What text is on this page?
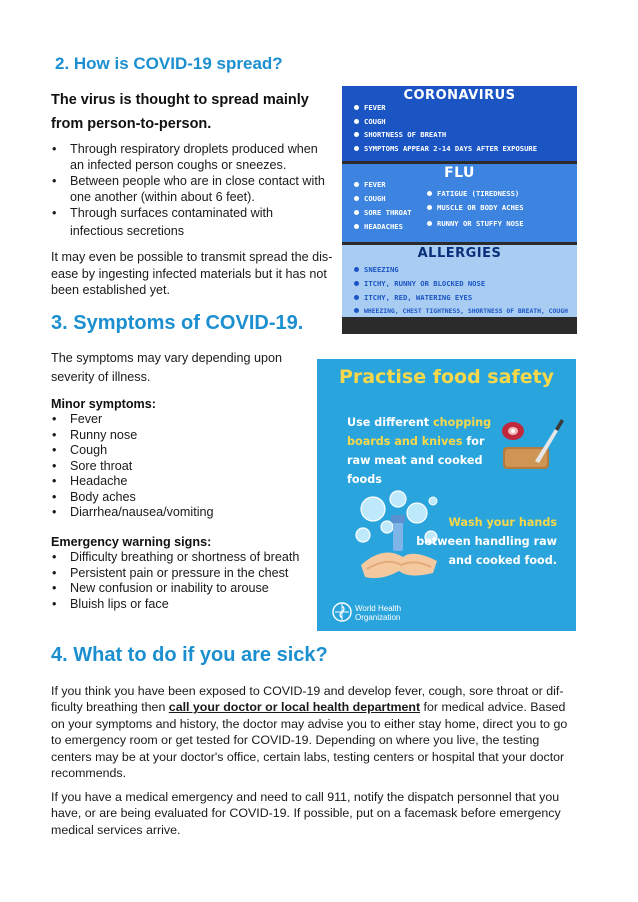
2. How is COVID-19 spread?
The virus is thought to spread mainly
from person-to-person.
• Through respiratory droplets produced when
an infected person coughs or sneezes.
• Between people who are in close contact with
one another (within about 6 feet).
• Through surfaces contaminated with
infectious secretions

It may even be possible to transmit spread the dis-
ease by ingesting infected materials but it has not
been established yet.

CORONAVIRUS
FEVER
COUGH
SHORTNESS OF BREATH
SYMPTOMS APPEAR 2-14 DAYS AFTER EXPOSURE
FLU
FEVER
COUGH
SORE THROAT
HEADACHES
FATIGUE (TIREDNESS)
MUSCLE OR BODY ACHES
RUNNY OR STUFFY NOSE
ALLERGIES
SNEEZING
ITCHY, RUNNY OR BLOCKED NOSE
ITCHY, RED, WATERING EYES
WHEEZING, CHEST TIGHTNESS, SHORTNESS OF BREATH, COUGH
3. Symptoms of COVID-19.

The symptoms may vary depending upon
severity of illness.

Minor symptoms:
• Fever
• Runny nose
• Cough
• Sore throat
• Headache
• Body aches
• Diarrhea/nausea/vomiting
Emergency warning signs:
• Difficulty breathing or shortness of breath
• Persistent pain or pressure in the chest
• New confusion or inability to arouse
• Bluish lips or face
Practise food safety
Use different chopping
boards and knives for
raw meat and cooked
foods
Wash your hands
between handling raw
and cooked food.
World Health
Organization
4. What to do if you are sick?
If you think you have been exposed to COVID-19 and develop fever, cough, sore throat or dif-
ficulty breathing then call your doctor or local health department for medical advice. Based
on your symptoms and history, the doctor may advise you to either stay home, direct you to go
to emergency room or get tested for COVID-19. Depending on where you live, the testing
centers may be at your doctor's office, certain labs, testing centers or hospital that your doctor
recommends.
If you have a medical emergency and need to call 911, notify the dispatch personnel that you
have, or are being evaluated for COVID-19. If possible, put on a facemask before emergency
medical services arrive.
